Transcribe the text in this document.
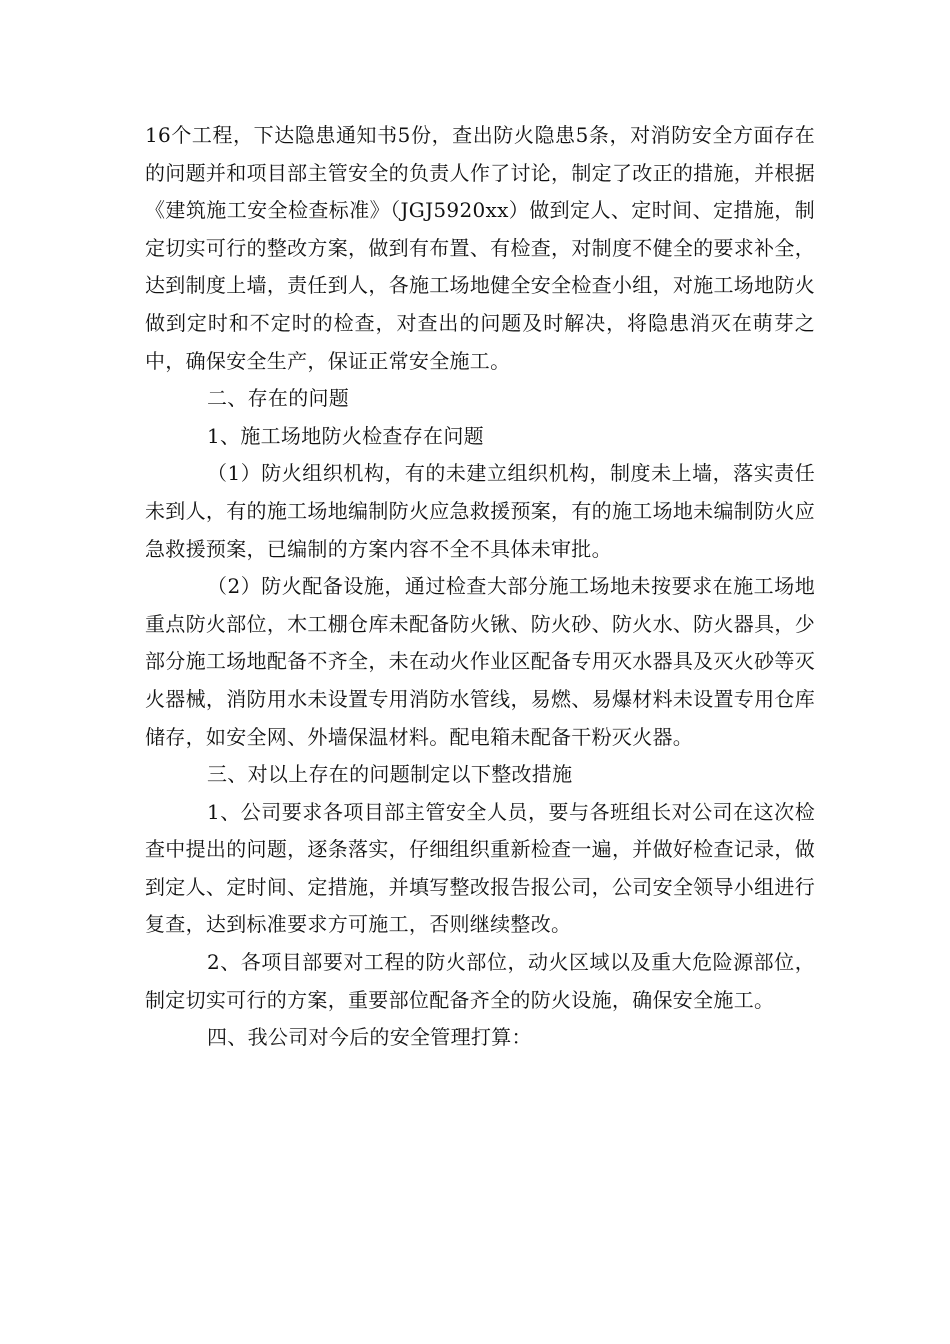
16个工程，下达隐患通知书5份，查出防火隐患5条，对消防安全方面存在的问题并和项目部主管安全的负责人作了讨论，制定了改正的措施，并根据《建筑施工安全检查标准》（JGJ5920xx）做到定人、定时间、定措施，制定切实可行的整改方案，做到有布置、有检查，对制度不健全的要求补全，达到制度上墙，责任到人，各施工场地健全安全检查小组，对施工场地防火做到定时和不定时的检查，对查出的问题及时解决，将隐患消灭在萌芽之中，确保安全生产，保证正常安全施工。

二、存在的问题

1、施工场地防火检查存在问题

（1）防火组织机构，有的未建立组织机构，制度未上墙，落实责任未到人，有的施工场地编制防火应急救援预案，有的施工场地未编制防火应急救援预案，已编制的方案内容不全不具体未审批。

（2）防火配备设施，通过检查大部分施工场地未按要求在施工场地重点防火部位，木工棚仓库未配备防火锹、防火砂、防火水、防火器具，少部分施工场地配备不齐全，未在动火作业区配备专用灭水器具及灭火砂等灭火器械，消防用水未设置专用消防水管线，易燃、易爆材料未设置专用仓库储存，如安全网、外墙保温材料。配电箱未配备干粉灭火器。

三、对以上存在的问题制定以下整改措施

1、公司要求各项目部主管安全人员，要与各班组长对公司在这次检查中提出的问题，逐条落实，仔细组织重新检查一遍，并做好检查记录，做到定人、定时间、定措施，并填写整改报告报公司，公司安全领导小组进行复查，达到标准要求方可施工，否则继续整改。

2、各项目部要对工程的防火部位，动火区域以及重大危险源部位，制定切实可行的方案，重要部位配备齐全的防火设施，确保安全施工。

四、我公司对今后的安全管理打算：
